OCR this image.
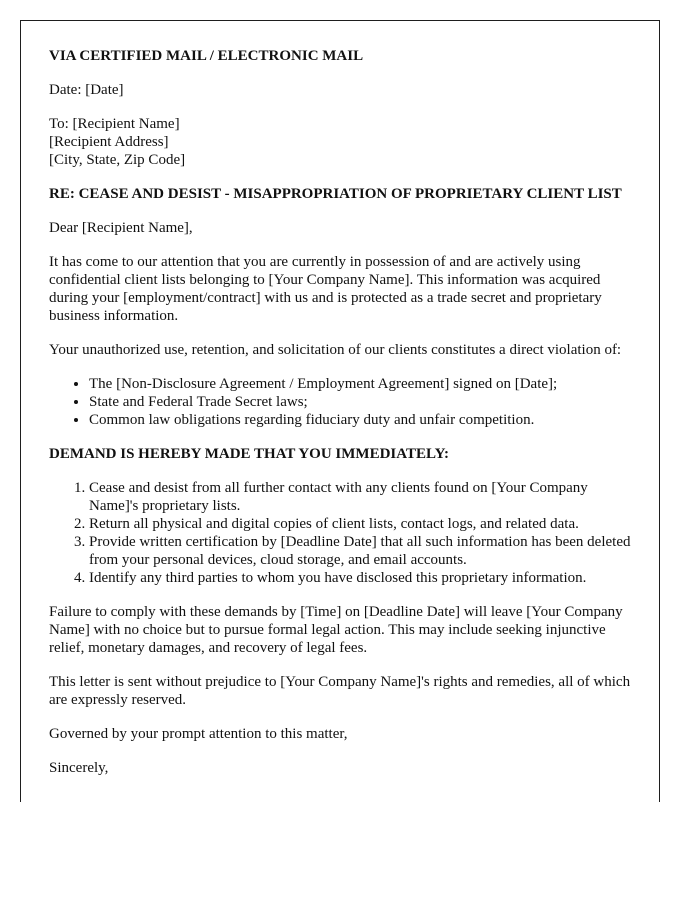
VIA CERTIFIED MAIL / ELECTRONIC MAIL

Date: [Date]

To: [Recipient Name]
[Recipient Address]
[City, State, Zip Code]

RE: CEASE AND DESIST - MISAPPROPRIATION OF PROPRIETARY CLIENT LIST

Dear [Recipient Name],

It has come to our attention that you are currently in possession of and are actively using confidential client lists belonging to [Your Company Name]. This information was acquired during your [employment/contract] with us and is protected as a trade secret and proprietary business information.

Your unauthorized use, retention, and solicitation of our clients constitutes a direct violation of:

• The [Non-Disclosure Agreement / Employment Agreement] signed on [Date];
• State and Federal Trade Secret laws;
• Common law obligations regarding fiduciary duty and unfair competition.

DEMAND IS HEREBY MADE THAT YOU IMMEDIATELY:

1. Cease and desist from all further contact with any clients found on [Your Company Name]'s proprietary lists.
2. Return all physical and digital copies of client lists, contact logs, and related data.
3. Provide written certification by [Deadline Date] that all such information has been deleted from your personal devices, cloud storage, and email accounts.
4. Identify any third parties to whom you have disclosed this proprietary information.

Failure to comply with these demands by [Time] on [Deadline Date] will leave [Your Company Name] with no choice but to pursue formal legal action. This may include seeking injunctive relief, monetary damages, and recovery of legal fees.

This letter is sent without prejudice to [Your Company Name]'s rights and remedies, all of which are expressly reserved.

Governed by your prompt attention to this matter,

Sincerely,
